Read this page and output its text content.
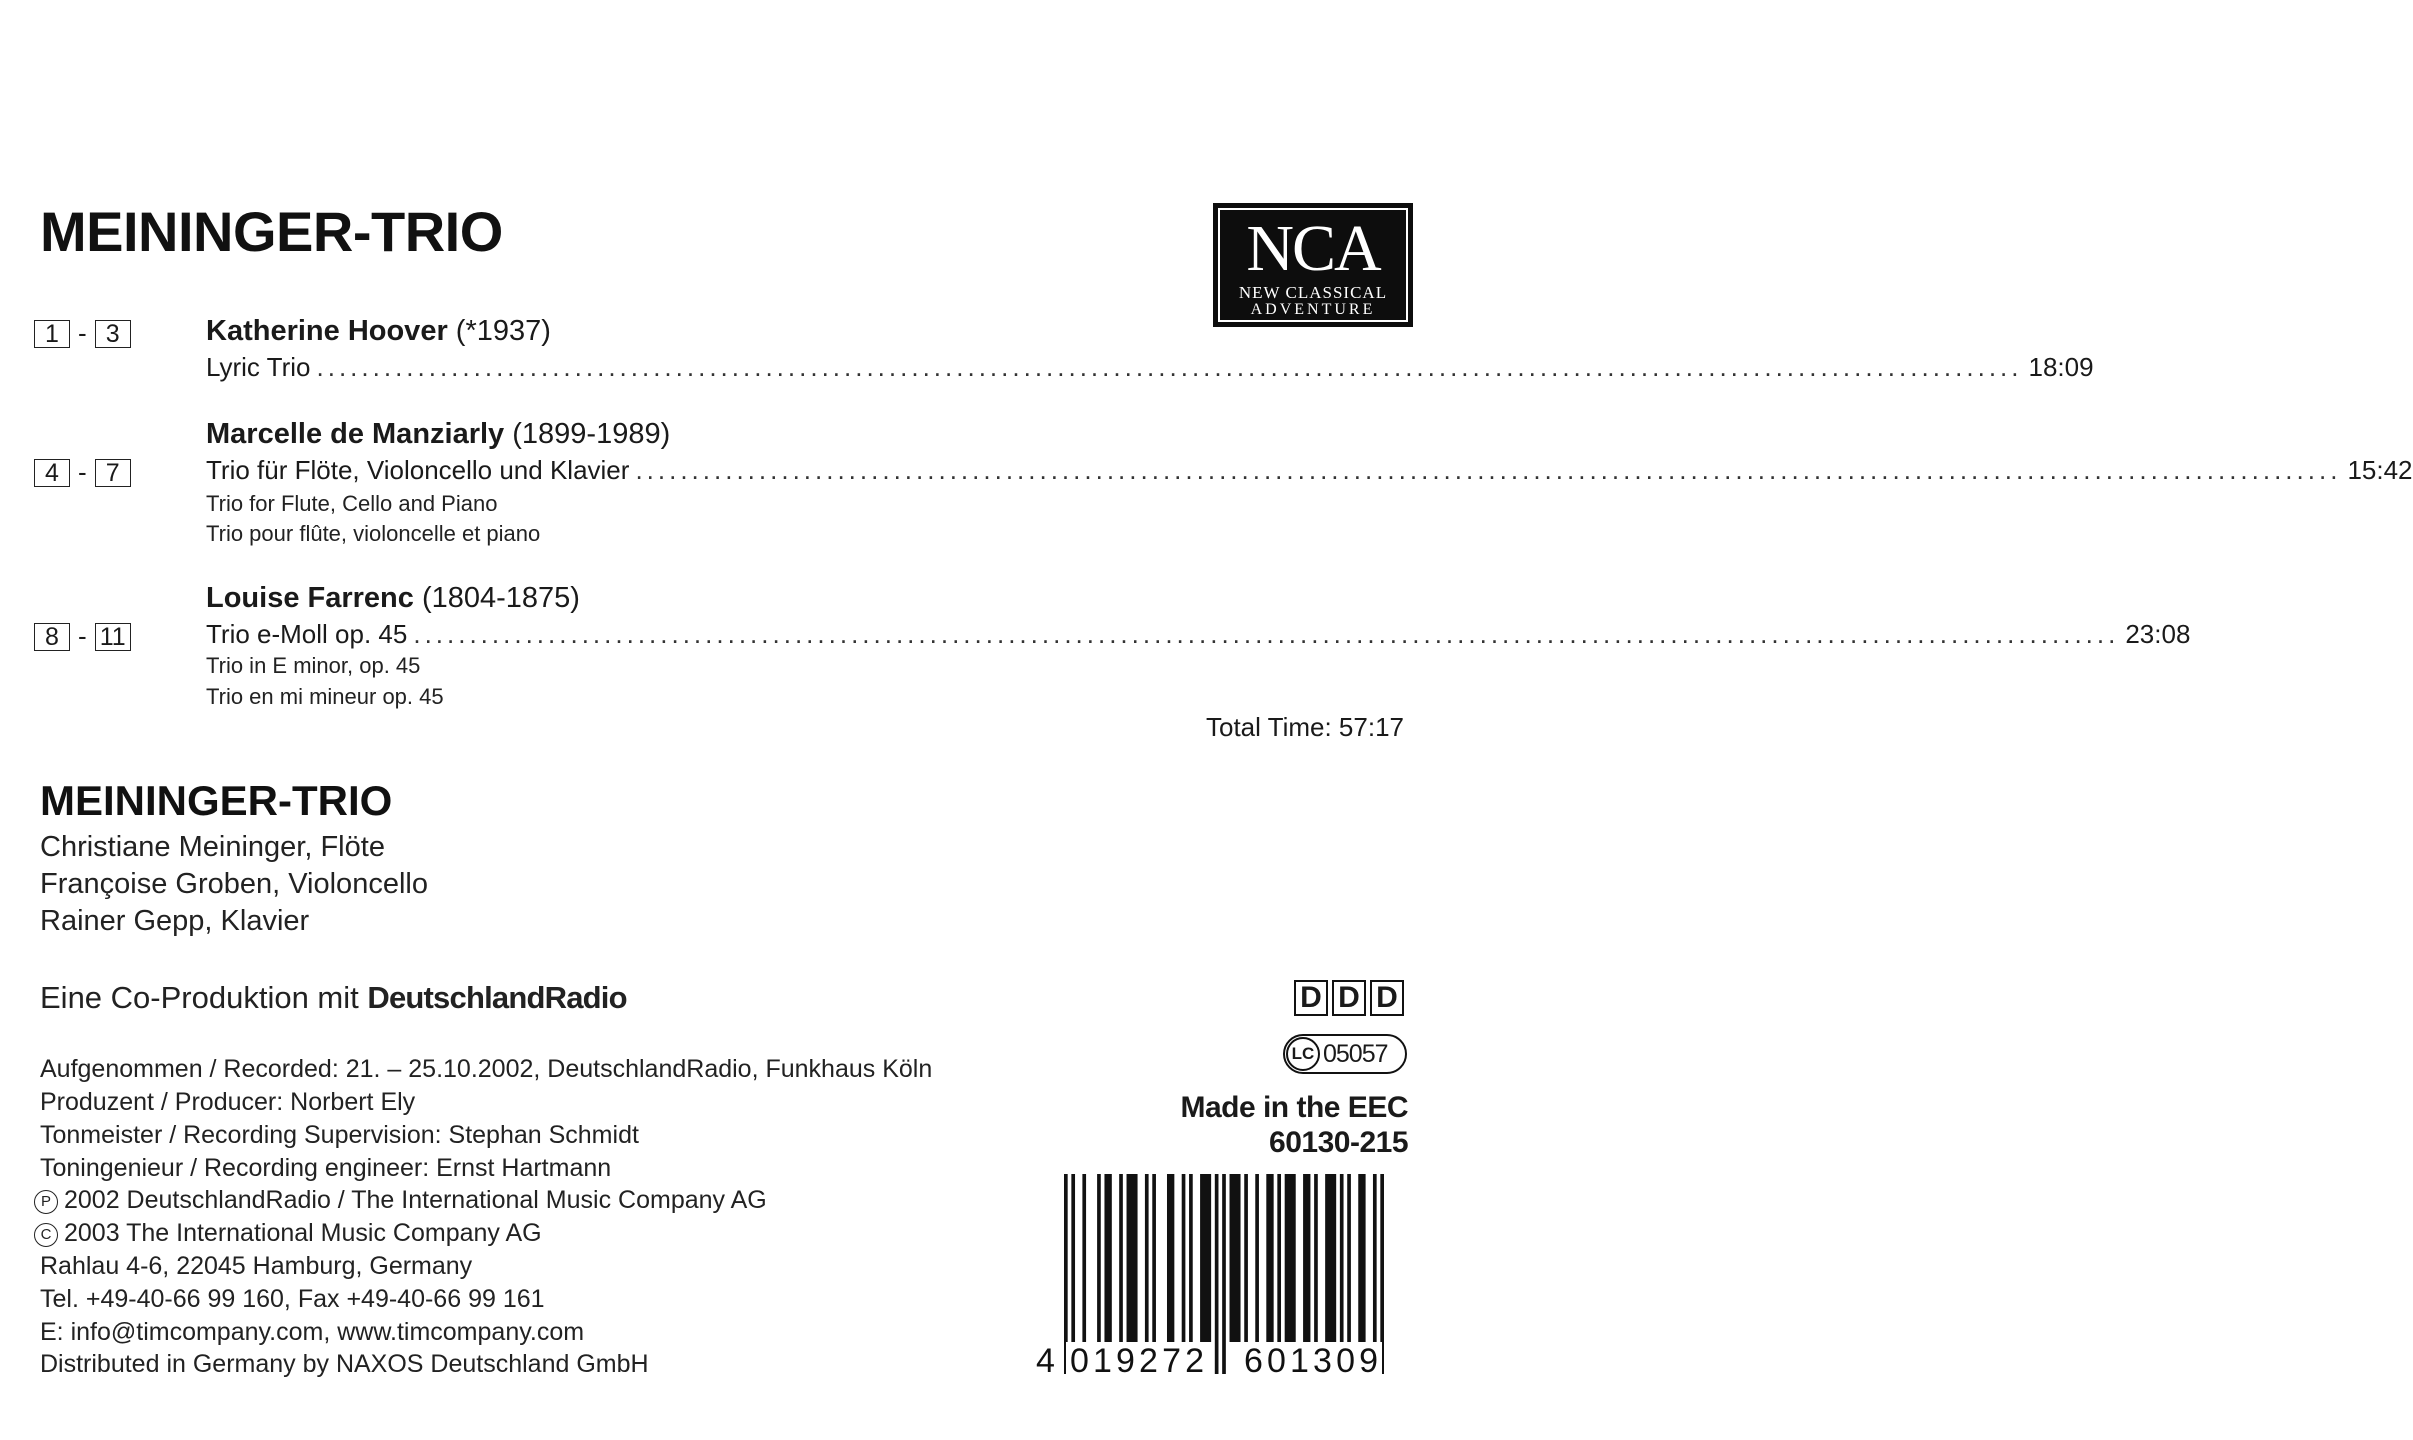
MEININGER-TRIO	NCA
NEW CLASSICAL
ADVENTURE
1 - 3	Katherine Hoover (*1937)
Lyric Trio ........................................................................................................................................................ 18:09
Marcelle de Manziarly (1899-1989)
4 - 7	Trio für Flöte, Violoncello und Klavier ........................................................................................................................................................ 15:42
Trio for Flute, Cello and Piano
Trio pour flûte, violoncelle et piano
Louise Farrenc (1804-1875)
8 - 11	Trio e-Moll op. 45 ........................................................................................................................................................ 23:08
Trio in E minor, op. 45
Trio en mi mineur op. 45
Total Time: 57:17
MEININGER-TRIO
Christiane Meininger, Flöte
Françoise Groben, Violoncello
Rainer Gepp, Klavier
Eine Co-Produktion mit DeutschlandRadio
Aufgenommen / Recorded: 21. – 25.10.2002, DeutschlandRadio, Funkhaus Köln
Produzent / Producer: Norbert Ely
Tonmeister / Recording Supervision: Stephan Schmidt
Toningenieur / Recording engineer: Ernst Hartmann
P 2002 DeutschlandRadio / The International Music Company AG
C 2003 The International Music Company AG
Rahlau 4-6, 22045 Hamburg, Germany
Tel. +49-40-66 99 160, Fax +49-40-66 99 161
E: info@timcompany.com, www.timcompany.com
Distributed in Germany by NAXOS Deutschland GmbH
D D D
LC 05057
Made in the EEC
60130-215
4 019272 601309
